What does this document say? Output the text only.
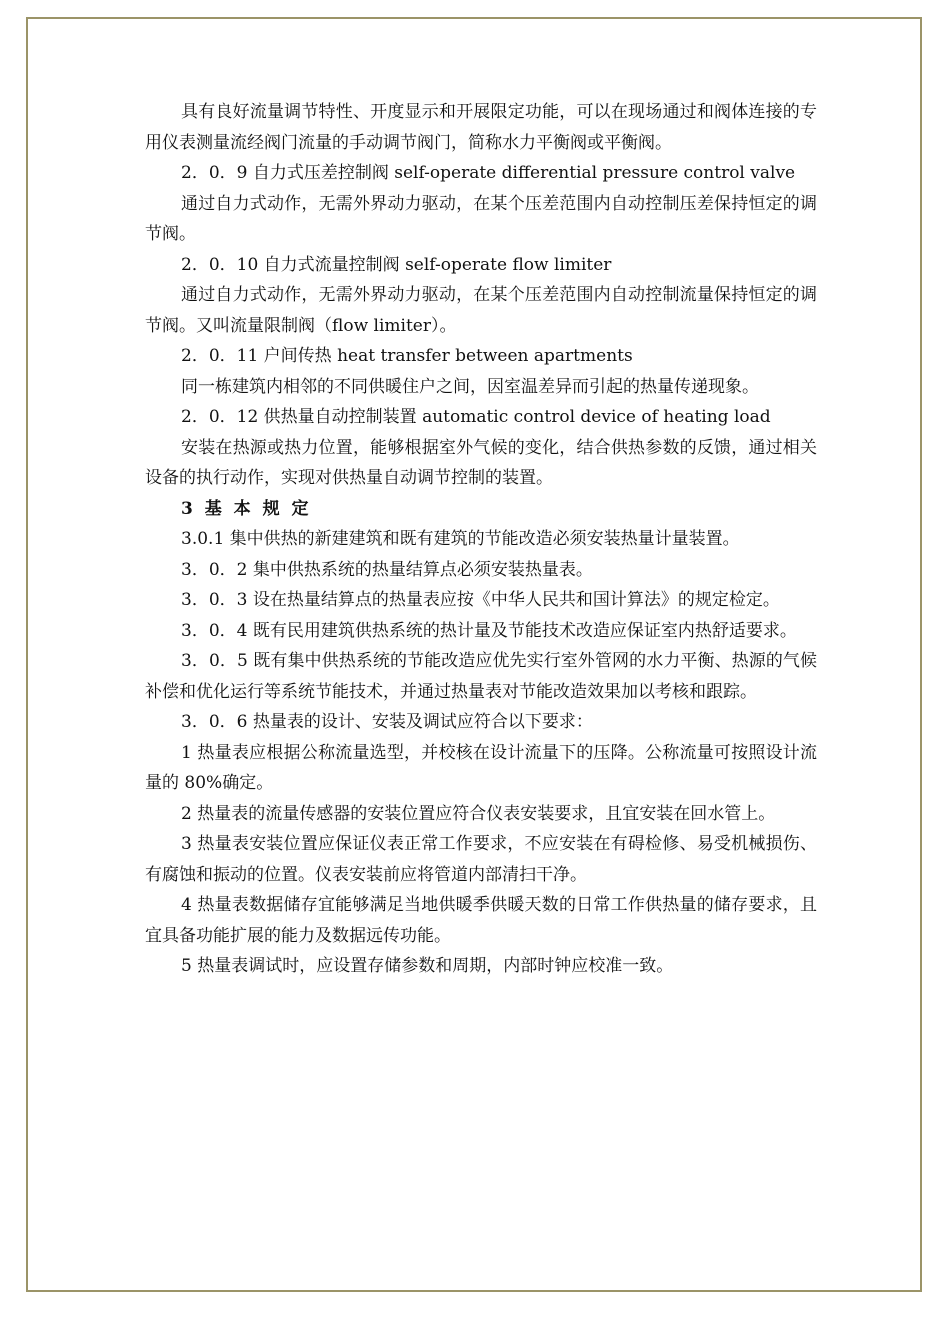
具有良好流量调节特性、开度显示和开展限定功能，可以在现场通过和阀体连接的专用仪表测量流经阀门流量的手动调节阀门，简称水力平衡阀或平衡阀。

2．0．9 自力式压差控制阀 self-operate differential pressure control valve

通过自力式动作，无需外界动力驱动，在某个压差范围内自动控制压差保持恒定的调节阀。

2．0．10 自力式流量控制阀 self-operate flow limiter

通过自力式动作，无需外界动力驱动，在某个压差范围内自动控制流量保持恒定的调节阀。又叫流量限制阀（flow limiter）。

2．0．11 户间传热 heat transfer between apartments

同一栋建筑内相邻的不同供暖住户之间，因室温差异而引起的热量传递现象。

2．0．12 供热量自动控制装置 automatic control device of heating load

安装在热源或热力位置，能够根据室外气候的变化，结合供热参数的反馈，通过相关设备的执行动作，实现对供热量自动调节控制的装置。

3 基 本 规 定

3.0.1 集中供热的新建建筑和既有建筑的节能改造必须安装热量计量装置。

3．0．2 集中供热系统的热量结算点必须安装热量表。

3．0．3 设在热量结算点的热量表应按《中华人民共和国计算法》的规定检定。

3．0．4 既有民用建筑供热系统的热计量及节能技术改造应保证室内热舒适要求。

3．0．5 既有集中供热系统的节能改造应优先实行室外管网的水力平衡、热源的气候补偿和优化运行等系统节能技术，并通过热量表对节能改造效果加以考核和跟踪。

3．0．6 热量表的设计、安装及调试应符合以下要求：

1 热量表应根据公称流量选型，并校核在设计流量下的压降。公称流量可按照设计流量的 80%确定。

2 热量表的流量传感器的安装位置应符合仪表安装要求，且宜安装在回水管上。

3 热量表安装位置应保证仪表正常工作要求，不应安装在有碍检修、易受机械损伤、有腐蚀和振动的位置。仪表安装前应将管道内部清扫干净。

4 热量表数据储存宜能够满足当地供暖季供暖天数的日常工作供热量的储存要求，且宜具备功能扩展的能力及数据远传功能。

5 热量表调试时，应设置存储参数和周期，内部时钟应校准一致。
